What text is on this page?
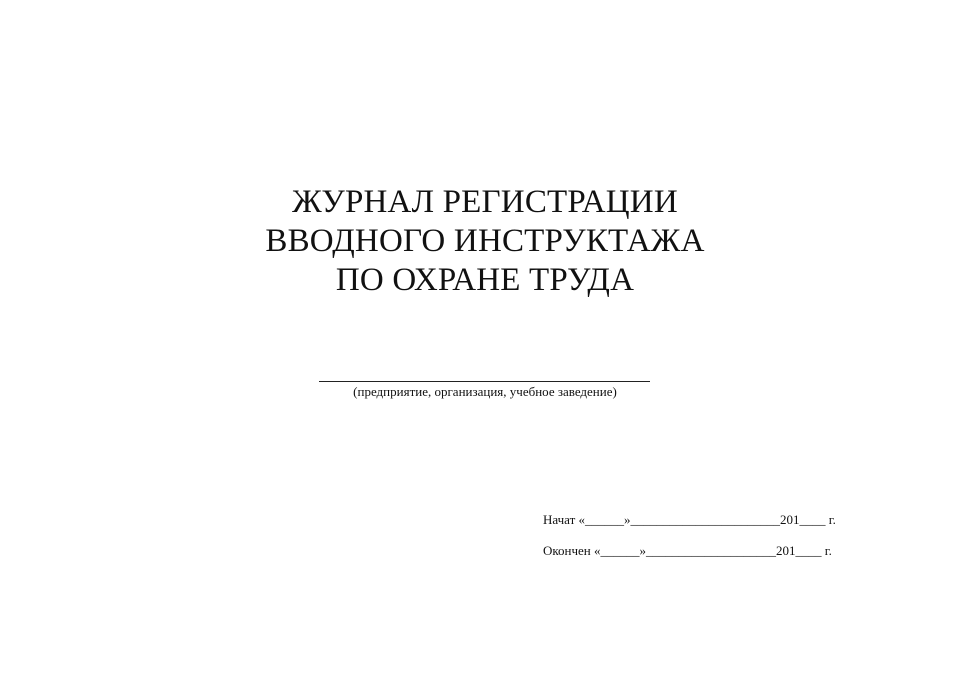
ЖУРНАЛ РЕГИСТРАЦИИ
ВВОДНОГО ИНСТРУКТАЖА
ПО ОХРАНЕ ТРУДА
(предприятие, организация, учебное заведение)
Начат «______»_______________________201____ г.
Окончен «______»____________________201____ г.
